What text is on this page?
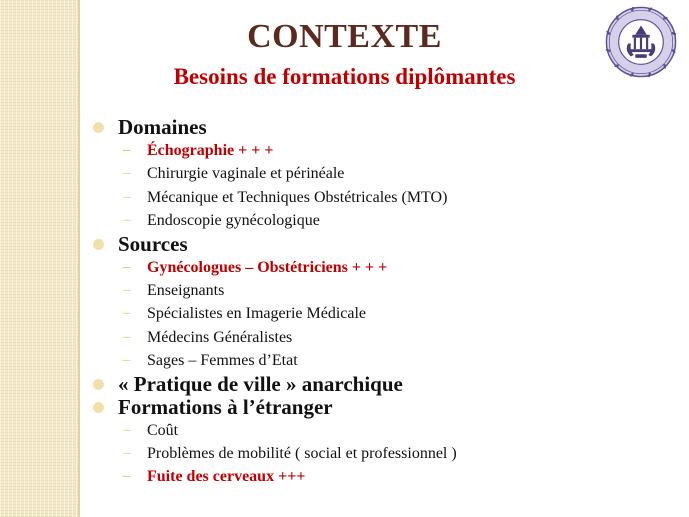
CONTEXTE
Besoins de formations diplômantes
Domaines
– Échographie + + +
– Chirurgie vaginale et périnéale
– Mécanique et Techniques Obstétricales (MTO)
– Endoscopie gynécologique
Sources
– Gynécologues – Obstétriciens + + +
– Enseignants
– Spécialistes en Imagerie Médicale
– Médecins Généralistes
– Sages – Femmes d’Etat
« Pratique de ville » anarchique
Formations à l’étranger
– Coût
– Problèmes de mobilité ( social et professionnel )
– Fuite des cerveaux +++
